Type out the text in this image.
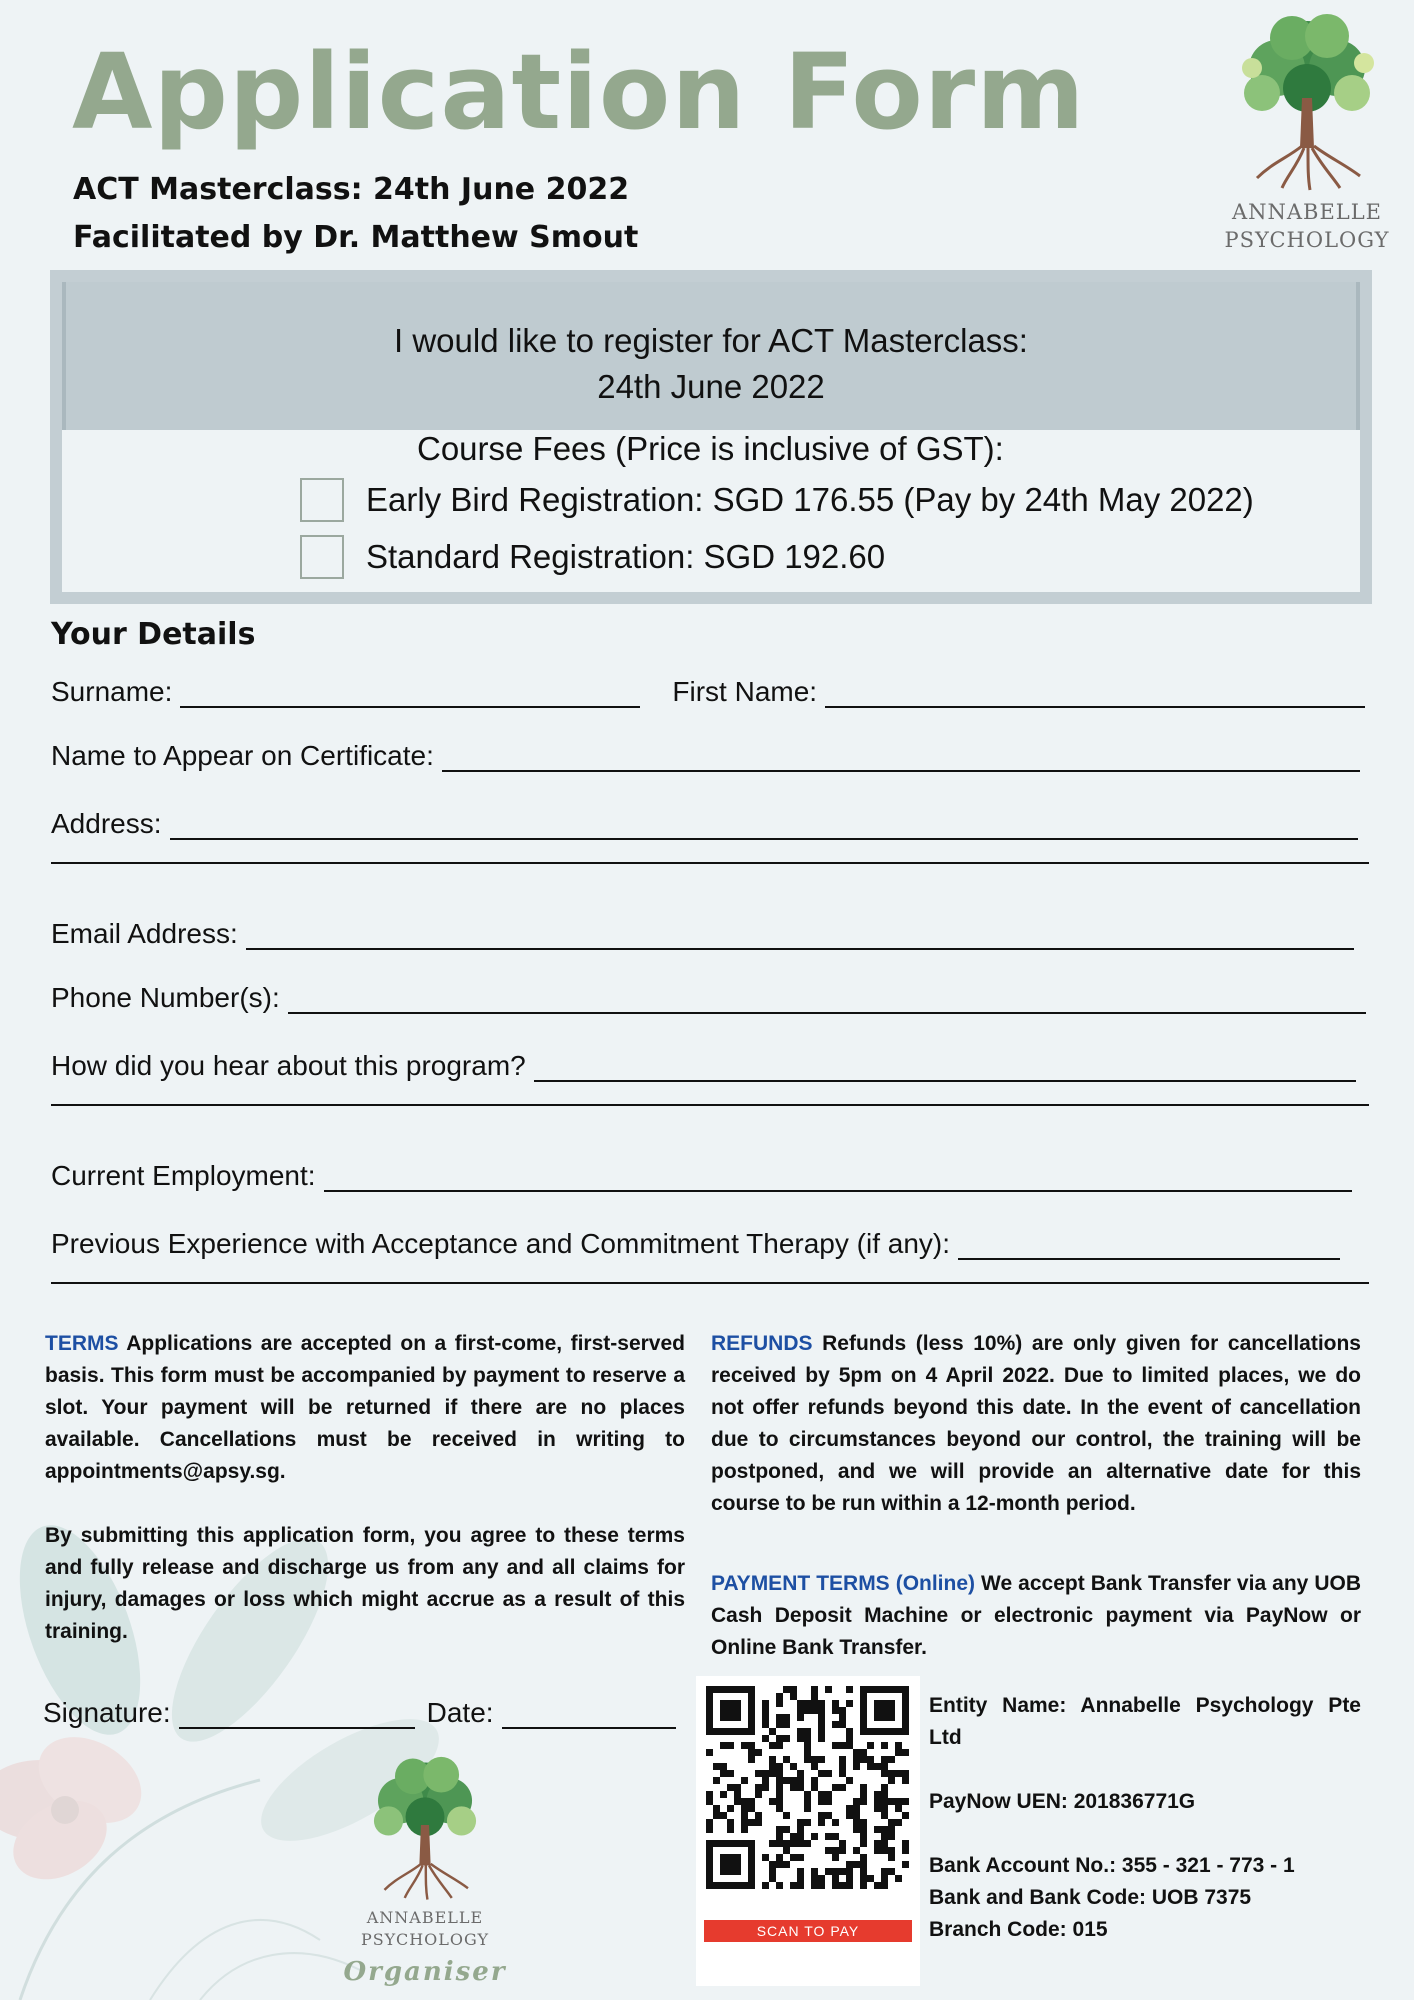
Application Form
ACT Masterclass: 24th June 2022
Facilitated by Dr. Matthew Smout
ANNABELLE
PSYCHOLOGY
I would like to register for ACT Masterclass:
24th June 2022
Course Fees (Price is inclusive of GST):
Early Bird Registration: SGD 176.55 (Pay by 24th May 2022)
Standard Registration: SGD 192.60
Your Details
Surname:	First Name:
Name to Appear on Certificate:
Address:
Email Address:
Phone Number(s):
How did you hear about this program?
Current Employment:
Previous Experience with Acceptance and Commitment Therapy (if any):
TERMS Applications are accepted on a first-come, first-served basis. This form must be accompanied by payment to reserve a slot. Your payment will be returned if there are no places available. Cancellations must be received in writing to appointments@apsy.sg.
By submitting this application form, you agree to these terms and fully release and discharge us from any and all claims for injury, damages or loss which might accrue as a result of this training.
REFUNDS Refunds (less 10%) are only given for cancellations received by 5pm on 4 April 2022. Due to limited places, we do not offer refunds beyond this date. In the event of cancellation due to circumstances beyond our control, the training will be postponed, and we will provide an alternative date for this course to be run within a 12-month period.
PAYMENT TERMS (Online) We accept Bank Transfer via any UOB Cash Deposit Machine or electronic payment via PayNow or Online Bank Transfer.
Signature:	Date:
ANNABELLE
PSYCHOLOGY
Organiser
SCAN TO PAY
Entity Name: Annabelle Psychology Pte Ltd
PayNow UEN: 201836771G
Bank Account No.: 355 - 321 - 773 - 1
Bank and Bank Code: UOB 7375
Branch Code: 015
